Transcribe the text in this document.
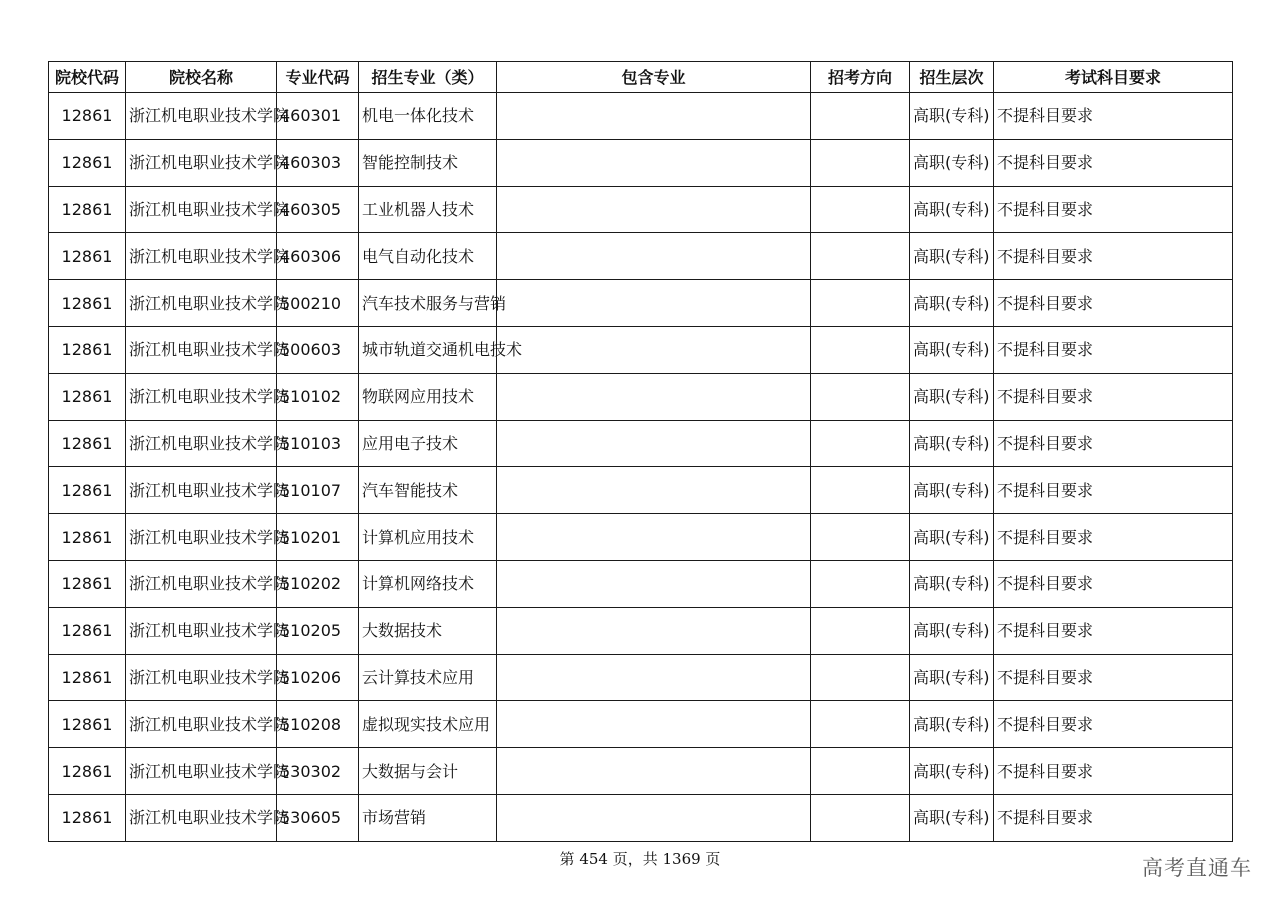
院校代码	院校名称	专业代码	招生专业（类）	包含专业	招考方向	招生层次	考试科目要求
12861	浙江机电职业技术学院	460301	机电一体化技术			高职(专科)	不提科目要求
12861	浙江机电职业技术学院	460303	智能控制技术			高职(专科)	不提科目要求
12861	浙江机电职业技术学院	460305	工业机器人技术			高职(专科)	不提科目要求
12861	浙江机电职业技术学院	460306	电气自动化技术			高职(专科)	不提科目要求
12861	浙江机电职业技术学院	500210	汽车技术服务与营销			高职(专科)	不提科目要求
12861	浙江机电职业技术学院	500603	城市轨道交通机电技术			高职(专科)	不提科目要求
12861	浙江机电职业技术学院	510102	物联网应用技术			高职(专科)	不提科目要求
12861	浙江机电职业技术学院	510103	应用电子技术			高职(专科)	不提科目要求
12861	浙江机电职业技术学院	510107	汽车智能技术			高职(专科)	不提科目要求
12861	浙江机电职业技术学院	510201	计算机应用技术			高职(专科)	不提科目要求
12861	浙江机电职业技术学院	510202	计算机网络技术			高职(专科)	不提科目要求
12861	浙江机电职业技术学院	510205	大数据技术			高职(专科)	不提科目要求
12861	浙江机电职业技术学院	510206	云计算技术应用			高职(专科)	不提科目要求
12861	浙江机电职业技术学院	510208	虚拟现实技术应用			高职(专科)	不提科目要求
12861	浙江机电职业技术学院	530302	大数据与会计			高职(专科)	不提科目要求
12861	浙江机电职业技术学院	530605	市场营销			高职(专科)	不提科目要求
第 454 页，共 1369 页	高考直通车
